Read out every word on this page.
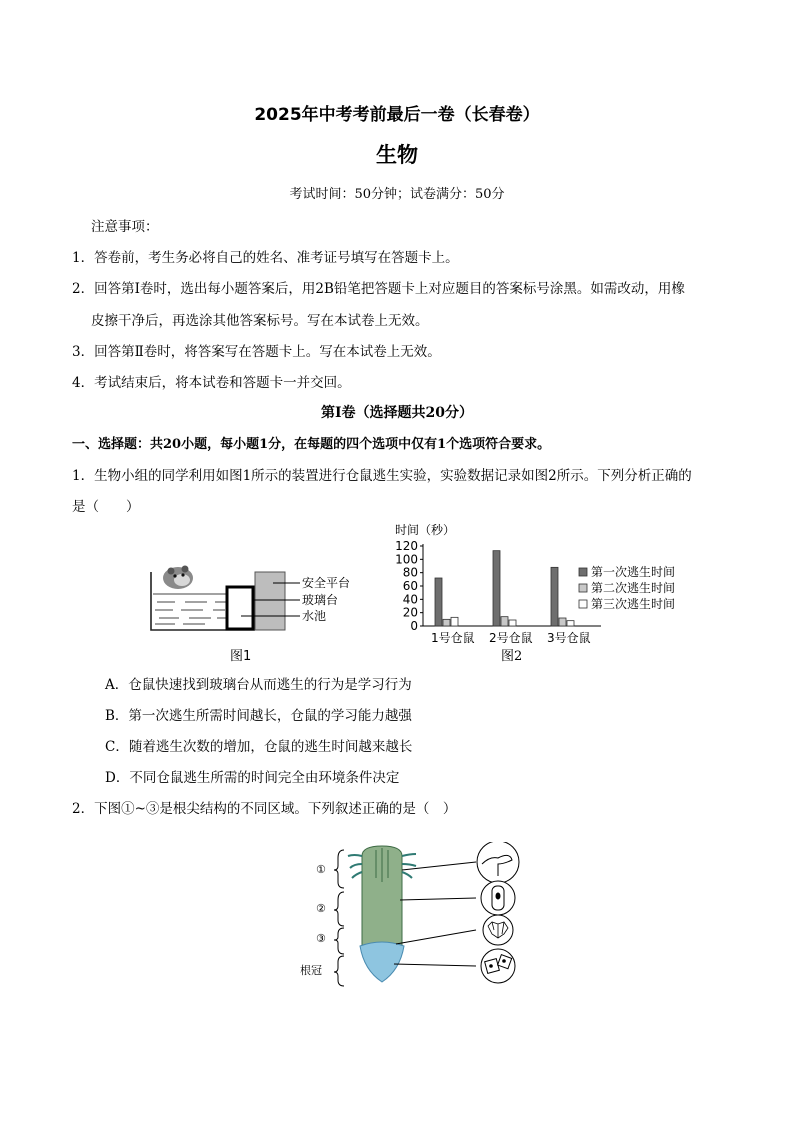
2025年中考考前最后一卷（长春卷）
生物
考试时间：50分钟；试卷满分：50分
注意事项：
1．答卷前，考生务必将自己的姓名、准考证号填写在答题卡上。
2．回答第Ⅰ卷时，选出每小题答案后，用2B铅笔把答题卡上对应题目的答案标号涂黑。如需改动，用橡
皮擦干净后，再选涂其他答案标号。写在本试卷上无效。
3．回答第Ⅱ卷时，将答案写在答题卡上。写在本试卷上无效。
4．考试结束后，将本试卷和答题卡一并交回。
第Ⅰ卷（选择题共20分）
一、选择题：共20小题，每小题1分，在每题的四个选项中仅有1个选项符合要求。
1．生物小组的同学利用如图1所示的装置进行仓鼠逃生实验，实验数据记录如图2所示。下列分析正确的
是（　　）
安全平台
玻璃台
水池
图1
时间（秒）
0
20
40
60
80
100
120
1号仓鼠 2号仓鼠 3号仓鼠
第一次逃生时间
第二次逃生时间
第三次逃生时间
图2
A．仓鼠快速找到玻璃台从而逃生的行为是学习行为
B．第一次逃生所需时间越长，仓鼠的学习能力越强
C．随着逃生次数的增加，仓鼠的逃生时间越来越长
D．不同仓鼠逃生所需的时间完全由环境条件决定
2．下图①~③是根尖结构的不同区域。下列叙述正确的是（　）
①
②
③
根冠
